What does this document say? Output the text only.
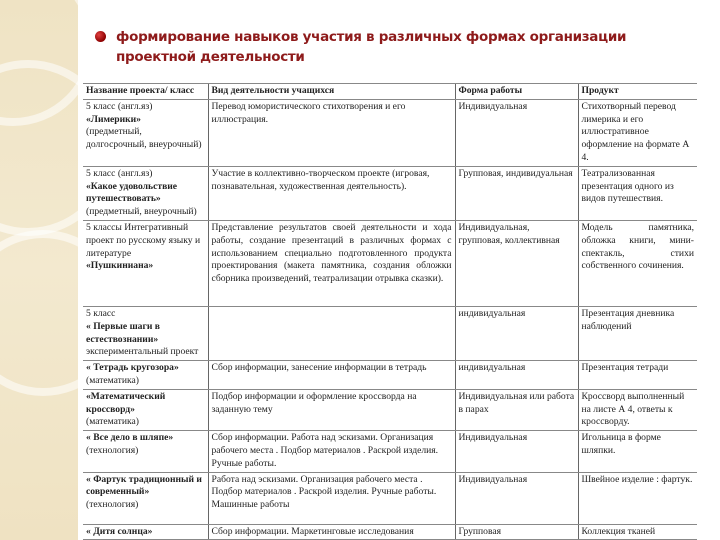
формирование навыков участия в различных формах организации проектной деятельности
Название проекта/ класс	Вид деятельности учащихся	Форма работы	Продукт
5 класс (англ.яз)
«Лимерики»
(предметный, долгосрочный, внеурочный)	Перевод юмористического стихотворения и его иллюстрация.	Индивидуальная	Стихотворный перевод лимерика и его иллюстративное оформление на формате А 4.
5 класс (англ.яз)
«Какое удовольствие путешествовать»
(предметный, внеурочный)	Участие в коллективно-творческом проекте (игровая, познавательная, художественная деятельность).	Групповая, индивидуальная	Театрализованная презентация одного из видов путешествия.
5 классы Интегративный проект по русскому языку и литературе
«Пушкиниана»	Представление результатов своей деятельности и хода работы, создание презентаций в различных формах с использованием специально подготовленного продукта проектирования (макета памятника, создания обложки сборника произведений, театрализации отрывка сказки).	Индивидуальная, групповая, коллективная	Модель памятника, обложка книги, мини-спектакль, стихи собственного сочинения.
5 класс
« Первые шаги в естествознании»
экспериментальный проект		индивидуальная	Презентация дневника наблюдений
« Тетрадь кругозора»
(математика)	Сбор информации, занесение информации в тетрадь	индивидуальная	Презентация тетради
«Математический кроссворд»
(математика)	Подбор информации и оформление кроссворда на заданную тему	Индивидуальная или работа в парах	Кроссворд выполненный на листе А 4, ответы к кроссворду.
« Все дело в шляпе»
(технология)	Сбор информации. Работа над эскизами. Организация рабочего места . Подбор материалов . Раскрой изделия. Ручные работы.	Индивидуальная	Игольница в форме шляпки.
« Фартук традиционный и современный»
(технология)	Работа над эскизами. Организация рабочего места . Подбор материалов . Раскрой изделия. Ручные работы. Машинные работы	Индивидуальная	Швейное изделие : фартук.
« Дитя солнца»	Сбор информации. Маркетинговые исследования	Групповая	Коллекция тканей
